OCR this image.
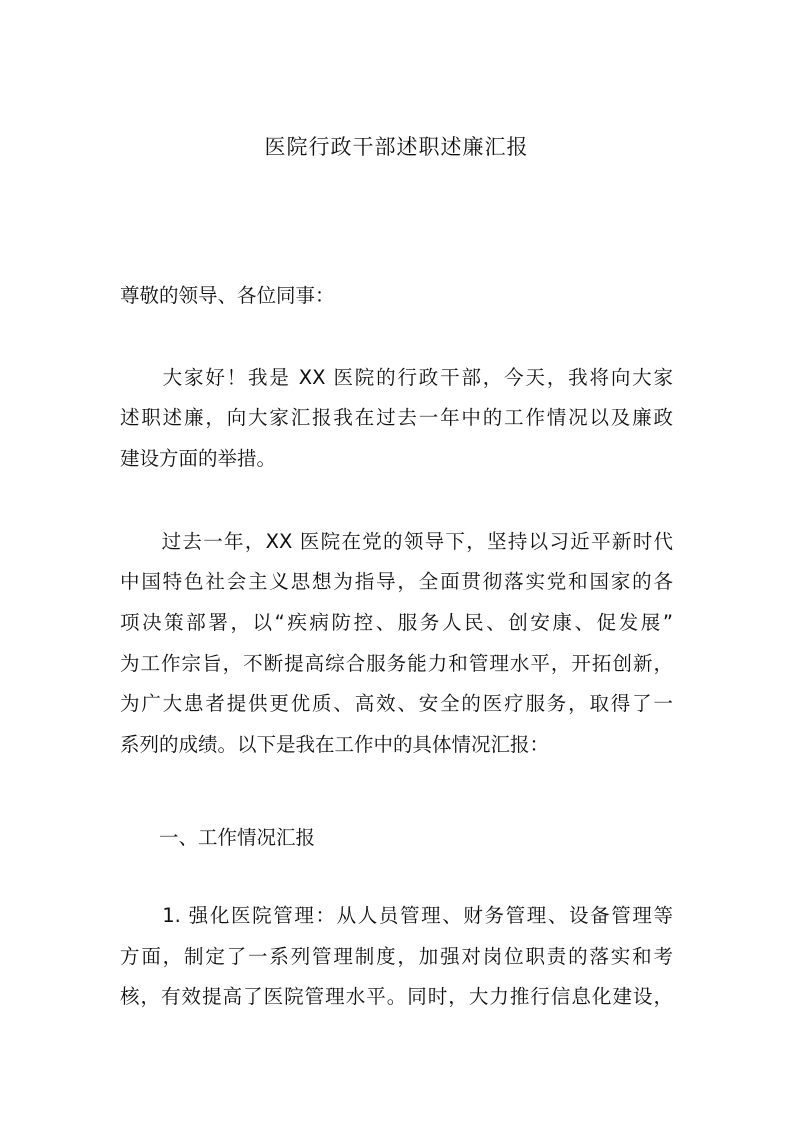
医院行政干部述职述廉汇报
尊敬的领导、各位同事：
　　大家好！我是 XX 医院的行政干部，今天，我将向大家
述职述廉，向大家汇报我在过去一年中的工作情况以及廉政
建设方面的举措。
　　过去一年，XX 医院在党的领导下，坚持以习近平新时代
中国特色社会主义思想为指导，全面贯彻落实党和国家的各
项决策部署，以“疾病防控、服务人民、创安康、促发展”
为工作宗旨，不断提高综合服务能力和管理水平，开拓创新，
为广大患者提供更优质、高效、安全的医疗服务，取得了一
系列的成绩。以下是我在工作中的具体情况汇报：
　　一、工作情况汇报
　　1. 强化医院管理：从人员管理、财务管理、设备管理等
方面，制定了一系列管理制度，加强对岗位职责的落实和考
核，有效提高了医院管理水平。同时，大力推行信息化建设，
